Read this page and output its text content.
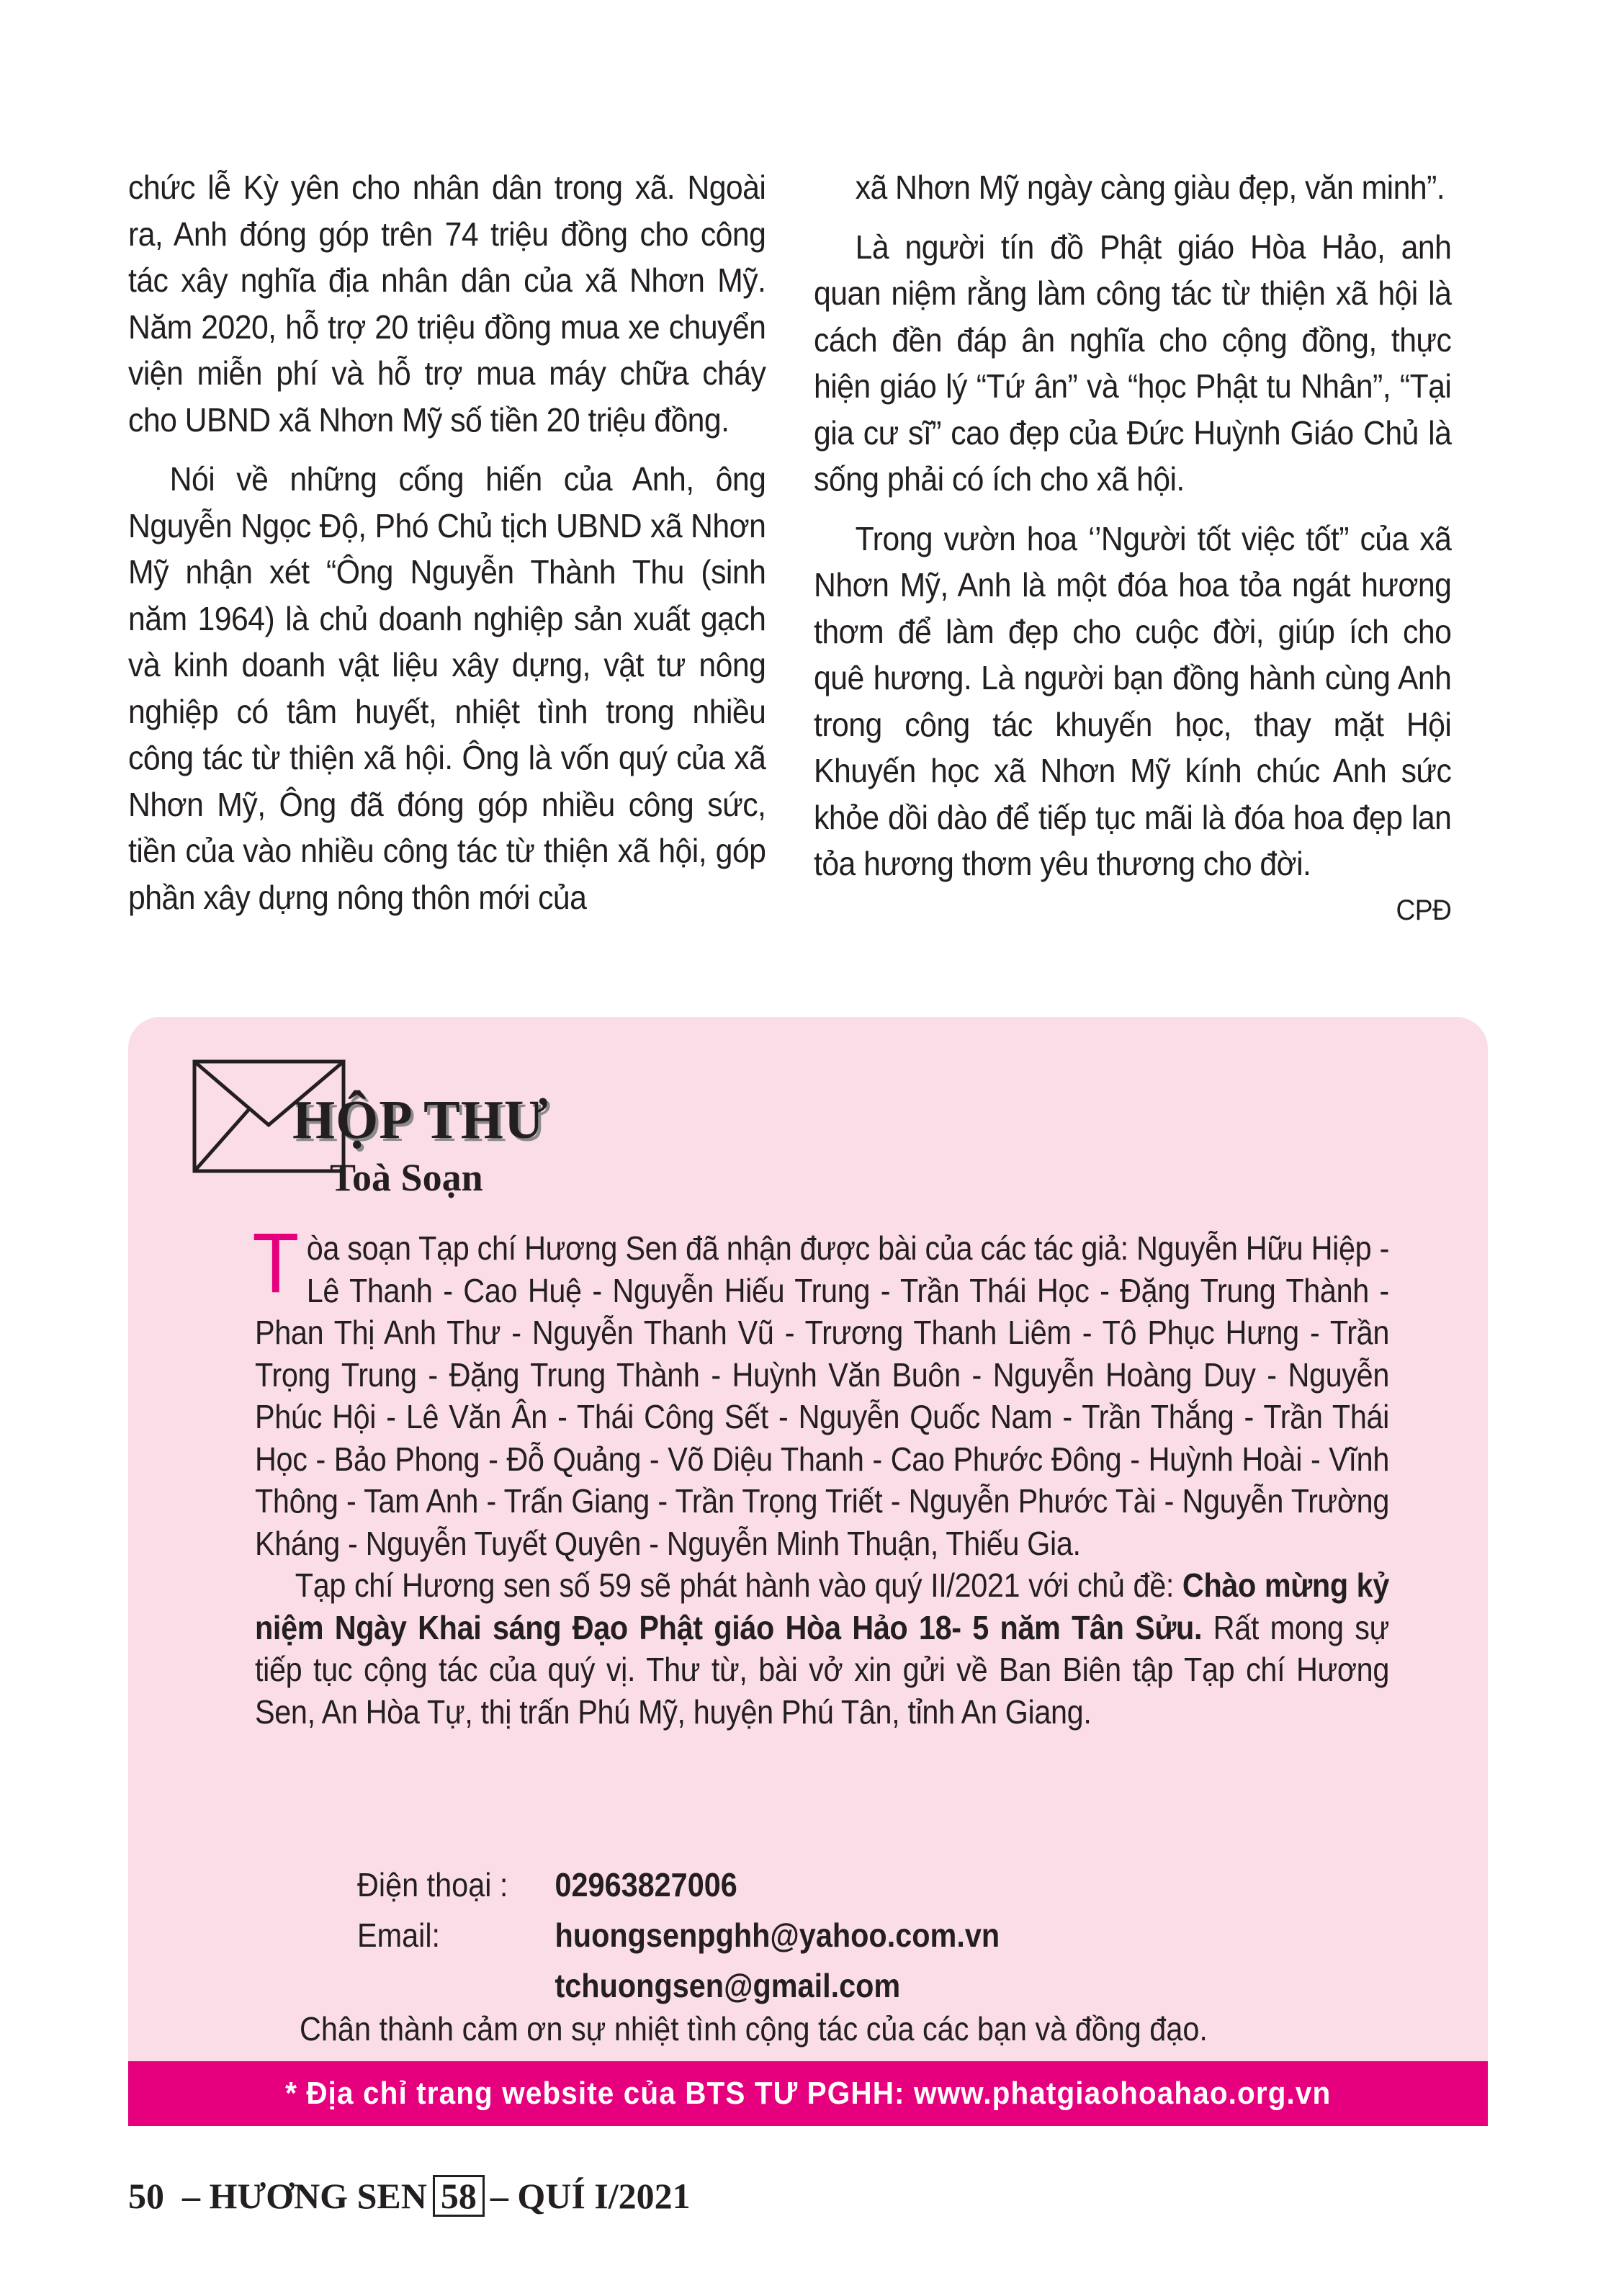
chức lễ Kỳ yên cho nhân dân trong xã. Ngoài ra, Anh đóng góp trên 74 triệu đồng cho công tác xây nghĩa địa nhân dân của xã Nhơn Mỹ. Năm 2020, hỗ trợ 20 triệu đồng mua xe chuyển viện miễn phí và hỗ trợ mua máy chữa cháy cho UBND xã Nhơn Mỹ số tiền 20 triệu đồng.

Nói về những cống hiến của Anh, ông Nguyễn Ngọc Độ, Phó Chủ tịch UBND xã Nhơn Mỹ nhận xét “Ông Nguyễn Thành Thu (sinh năm 1964) là chủ doanh nghiệp sản xuất gạch và kinh doanh vật liệu xây dựng, vật tư nông nghiệp có tâm huyết, nhiệt tình trong nhiều công tác từ thiện xã hội. Ông là vốn quý của xã Nhơn Mỹ, Ông đã đóng góp nhiều công sức, tiền của vào nhiều công tác từ thiện xã hội, góp phần xây dựng nông thôn mới của

xã Nhơn Mỹ ngày càng giàu đẹp, văn minh”.

Là người tín đồ Phật giáo Hòa Hảo, anh quan niệm rằng làm công tác từ thiện xã hội là cách đền đáp ân nghĩa cho cộng đồng, thực hiện giáo lý “Tứ ân” và “học Phật tu Nhân”, “Tại gia cư sĩ” cao đẹp của Đức Huỳnh Giáo Chủ là sống phải có ích cho xã hội.

Trong vườn hoa ‘’Người tốt việc tốt” của xã Nhơn Mỹ, Anh là một đóa hoa tỏa ngát hương thơm để làm đẹp cho cuộc đời, giúp ích cho quê hương. Là người bạn đồng hành cùng Anh trong công tác khuyến học, thay mặt Hội Khuyến học xã Nhơn Mỹ kính chúc Anh sức khỏe dồi dào để tiếp tục mãi là đóa hoa đẹp lan tỏa hương thơm yêu thương cho đời.

CPĐ
HỘP THƯ
Toà Soạn

Tòa soạn Tạp chí Hương Sen đã nhận được bài của các tác giả: Nguyễn Hữu Hiệp - Lê Thanh - Cao Huệ - Nguyễn Hiếu Trung - Trần Thái Học - Đặng Trung Thành - Phan Thị Anh Thư - Nguyễn Thanh Vũ - Trương Thanh Liêm - Tô Phục Hưng - Trần Trọng Trung - Đặng Trung Thành - Huỳnh Văn Buôn - Nguyễn Hoàng Duy - Nguyễn Phúc Hội - Lê Văn Ân - Thái Công Sết - Nguyễn Quốc Nam - Trần Thắng - Trần Thái Học - Bảo Phong - Đỗ Quảng - Võ Diệu Thanh - Cao Phước Đông - Huỳnh Hoài - Vĩnh Thông - Tam Anh - Trấn Giang - Trần Trọng Triết - Nguyễn Phước Tài - Nguyễn Trường Kháng - Nguyễn Tuyết Quyên - Nguyễn Minh Thuận, Thiếu Gia.

Tạp chí Hương sen số 59 sẽ phát hành vào quý II/2021 với chủ đề: Chào mừng kỷ niệm Ngày Khai sáng Đạo Phật giáo Hòa Hảo 18- 5 năm Tân Sửu. Rất mong sự tiếp tục cộng tác của quý vị. Thư từ, bài vở xin gửi về Ban Biên tập Tạp chí Hương Sen, An Hòa Tự, thị trấn Phú Mỹ, huyện Phú Tân, tỉnh An Giang.

Điện thoại :	02963827006
Email:	huongsenpghh@yahoo.com.vn
tchuongsen@gmail.com
Chân thành cảm ơn sự nhiệt tình cộng tác của các bạn và đồng đạo.
* Địa chỉ trang website của BTS TƯ PGHH: www.phatgiaohoahao.org.vn
50
– HƯƠNG SEN 58 – QUÍ I/2021
